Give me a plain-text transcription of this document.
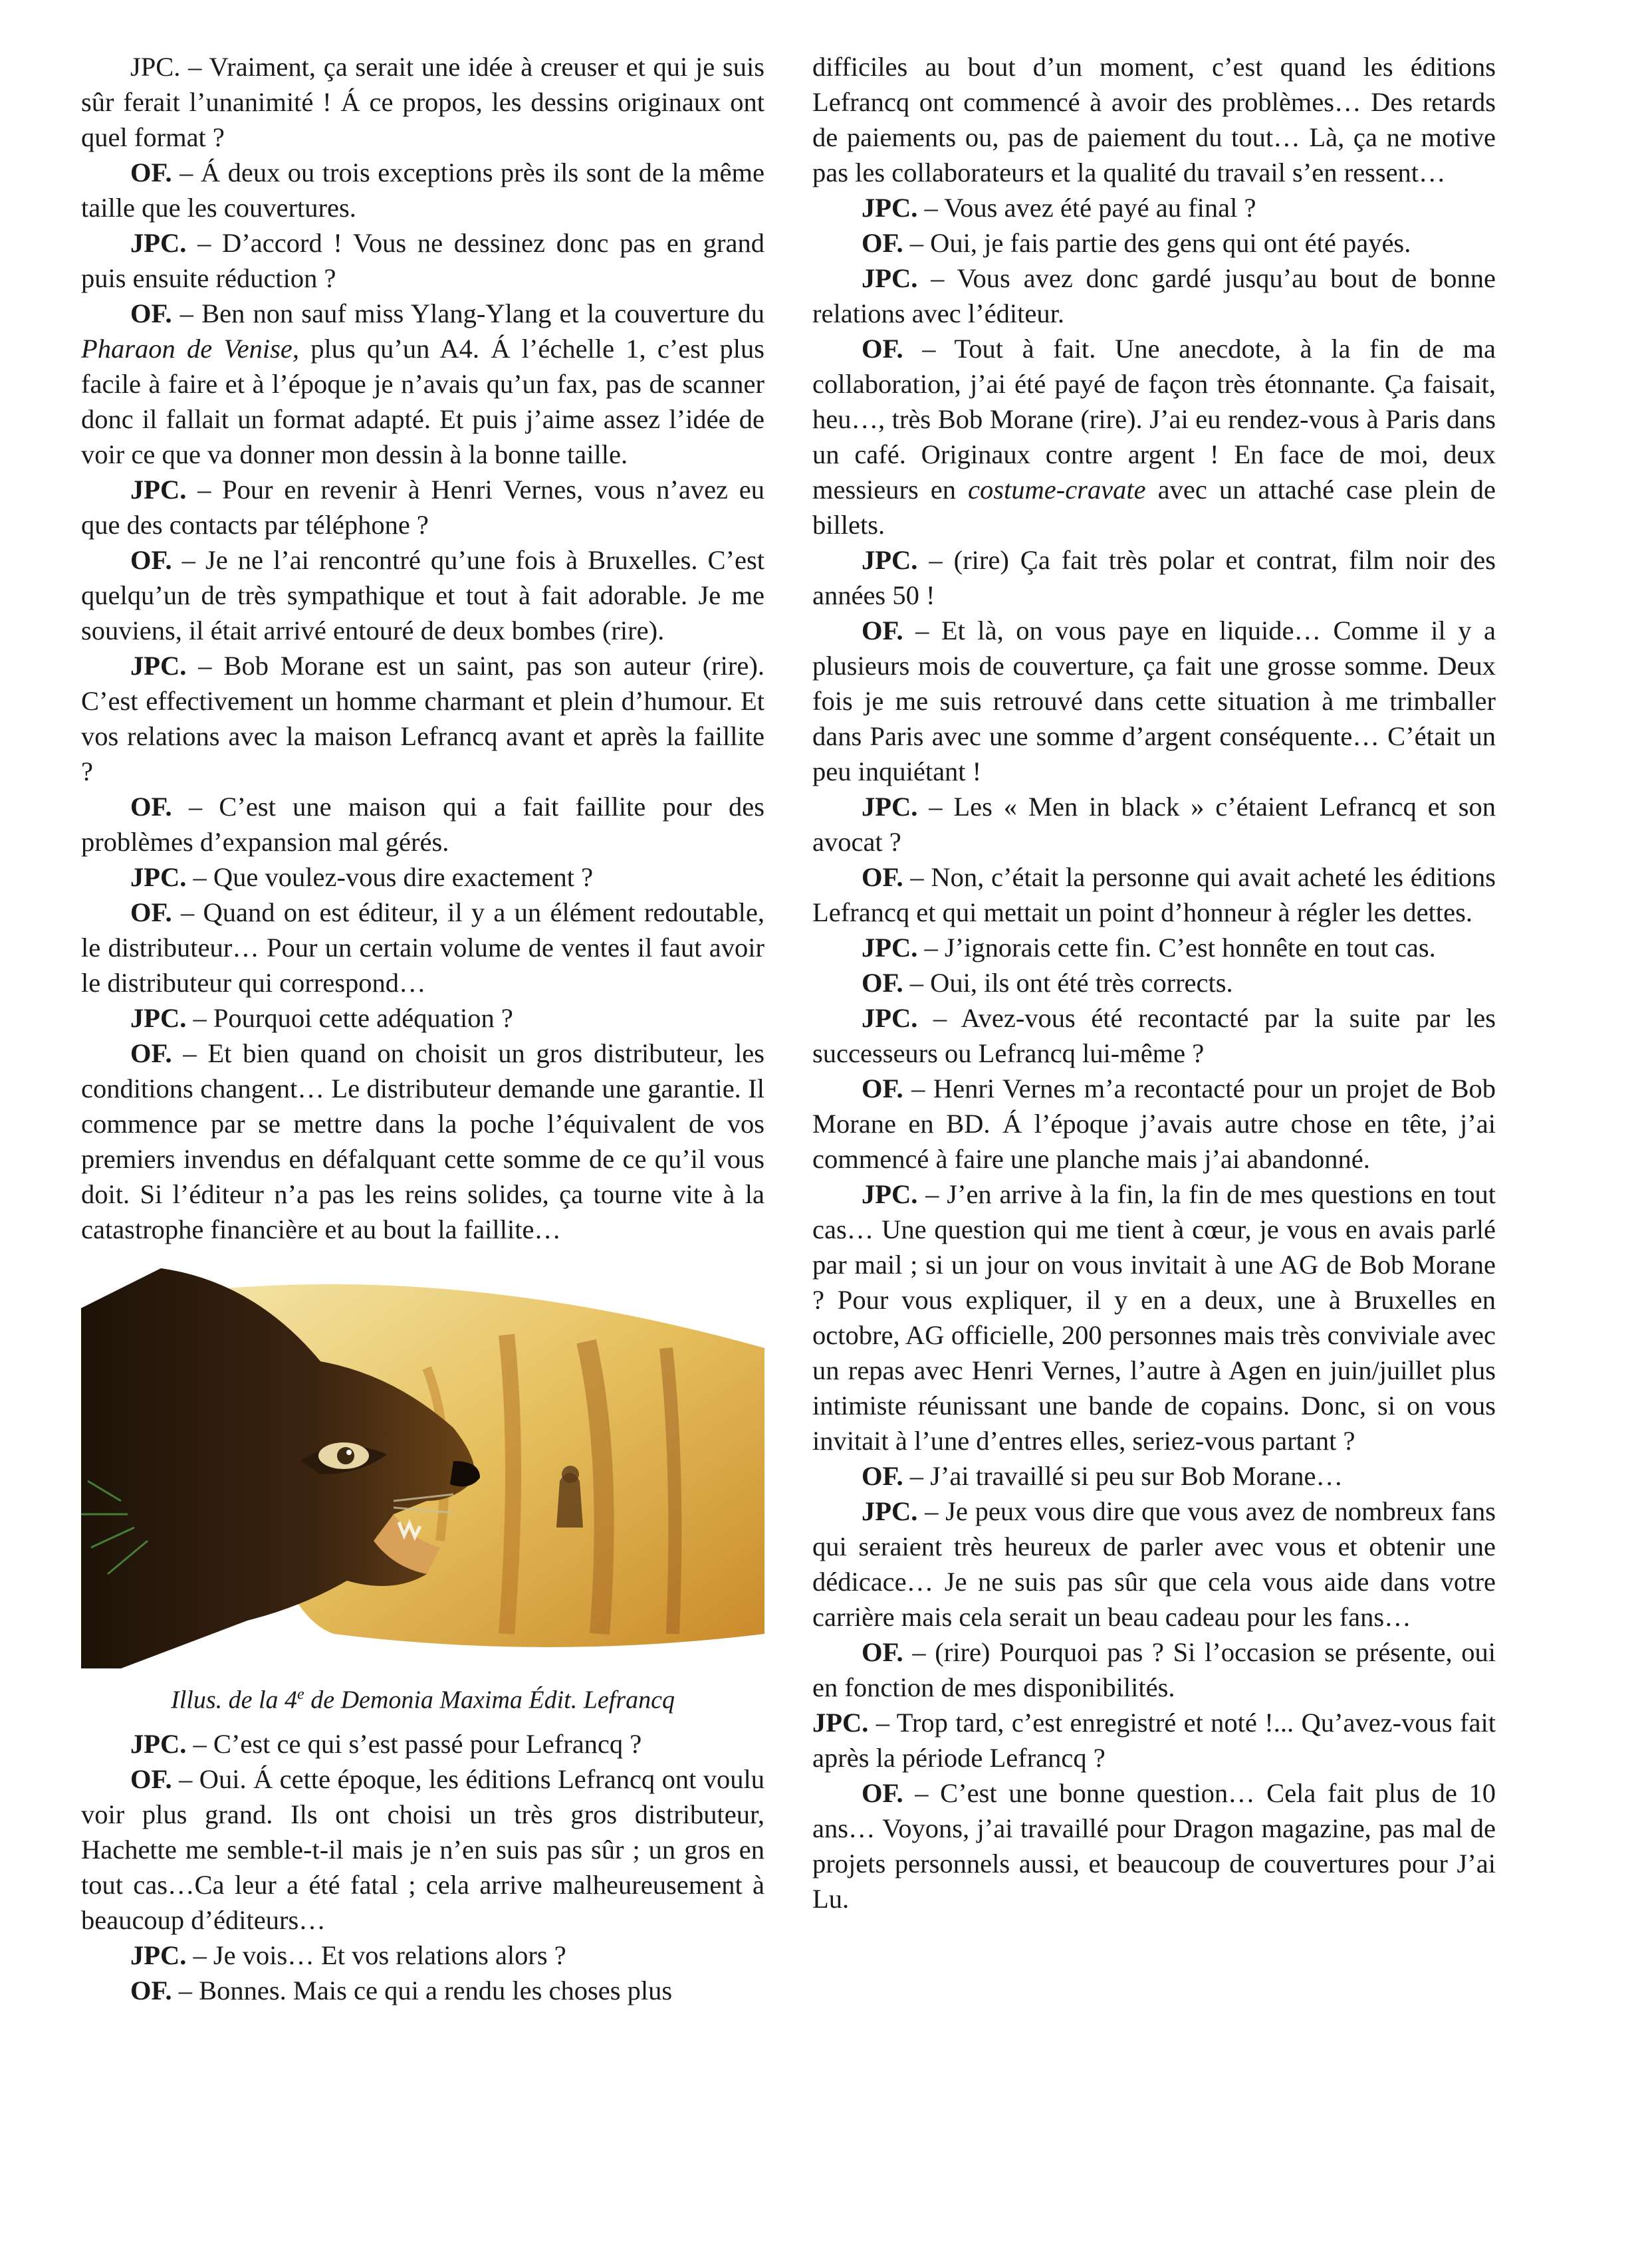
JPC. – Vraiment, ça serait une idée à creuser et qui je suis sûr ferait l’unanimité ! Á ce propos, les dessins originaux ont quel format ?

OF. – Á deux ou trois exceptions près ils sont de la même taille que les couvertures.

JPC. – D’accord ! Vous ne dessinez donc pas en grand puis ensuite réduction ?

OF. – Ben non sauf miss Ylang-Ylang et la couverture du Pharaon de Venise, plus qu’un A4. Á l’échelle 1, c’est plus facile à faire et à l’époque je n’avais qu’un fax, pas de scanner donc il fallait un format adapté. Et puis j’aime assez l’idée de voir ce que va donner mon dessin à la bonne taille.

JPC. – Pour en revenir à Henri Vernes, vous n’avez eu que des contacts par téléphone ?

OF. – Je ne l’ai rencontré qu’une fois à Bruxelles. C’est quelqu’un de très sympathique et tout à fait adorable. Je me souviens, il était arrivé entouré de deux bombes (rire).

JPC. – Bob Morane est un saint, pas son auteur (rire). C’est effectivement un homme charmant et plein d’humour. Et vos relations avec la maison Lefrancq avant et après la faillite ?

OF. – C’est une maison qui a fait faillite pour des problèmes d’expansion mal gérés.

JPC. – Que voulez-vous dire exactement ?

OF. – Quand on est éditeur, il y a un élément redoutable, le distributeur… Pour un certain volume de ventes il faut avoir le distributeur qui correspond…

JPC. – Pourquoi cette adéquation ?

OF. – Et bien quand on choisit un gros distributeur, les conditions changent… Le distributeur demande une garantie. Il commence par se mettre dans la poche l’équivalent de vos premiers invendus en défalquant cette somme de ce qu’il vous doit. Si l’éditeur n’a pas les reins solides, ça tourne vite à la catastrophe financière et au bout la faillite…

Illus. de la 4e de Demonia Maxima Édit. Lefrancq

JPC. – C’est ce qui s’est passé pour Lefrancq ?

OF. – Oui. Á cette époque, les éditions Lefrancq ont voulu voir plus grand. Ils ont choisi un très gros distributeur, Hachette me semble-t-il mais je n’en suis pas sûr ; un gros en tout cas…Ca leur a été fatal ; cela arrive malheureusement à beaucoup d’éditeurs…

JPC. – Je vois… Et vos relations alors ?

OF. – Bonnes. Mais ce qui a rendu les choses plus

difficiles au bout d’un moment, c’est quand les éditions Lefrancq ont commencé à avoir des problèmes… Des retards de paiements ou, pas de paiement du tout… Là, ça ne motive pas les collaborateurs et la qualité du travail s’en ressent…

JPC. – Vous avez été payé au final ?

OF. – Oui, je fais partie des gens qui ont été payés.

JPC. – Vous avez donc gardé jusqu’au bout de bonne relations avec l’éditeur.

OF. – Tout à fait. Une anecdote, à la fin de ma collaboration, j’ai été payé de façon très étonnante. Ça faisait, heu…, très Bob Morane (rire). J’ai eu rendez-vous à Paris dans un café. Originaux contre argent ! En face de moi, deux messieurs en costume-cravate avec un attaché case plein de billets.

JPC. – (rire) Ça fait très polar et contrat, film noir des années 50 !

OF. – Et là, on vous paye en liquide… Comme il y a plusieurs mois de couverture, ça fait une grosse somme. Deux fois je me suis retrouvé dans cette situation à me trimballer dans Paris avec une somme d’argent conséquente… C’était un peu inquiétant !

JPC. – Les « Men in black » c’étaient Lefrancq et son avocat ?

OF. – Non, c’était la personne qui avait acheté les éditions Lefrancq et qui mettait un point d’honneur à régler les dettes.

JPC. – J’ignorais cette fin. C’est honnête en tout cas.

OF. – Oui, ils ont été très corrects.

JPC. – Avez-vous été recontacté par la suite par les successeurs ou Lefrancq lui-même ?

OF. – Henri Vernes m’a recontacté pour un projet de Bob Morane en BD. Á l’époque j’avais autre chose en tête, j’ai commencé à faire une planche mais j’ai abandonné.

JPC. – J’en arrive à la fin, la fin de mes questions en tout cas… Une question qui me tient à cœur, je vous en avais parlé par mail ; si un jour on vous invitait à une AG de Bob Morane ? Pour vous expliquer, il y en a deux, une à Bruxelles en octobre, AG officielle, 200 personnes mais très conviviale avec un repas avec Henri Vernes, l’autre à Agen en juin/juillet plus intimiste réunissant une bande de copains. Donc, si on vous invitait à l’une d’entres elles, seriez-vous partant ?

OF. – J’ai travaillé si peu sur Bob Morane…

JPC. – Je peux vous dire que vous avez de nombreux fans qui seraient très heureux de parler avec vous et obtenir une dédicace… Je ne suis pas sûr que cela vous aide dans votre carrière mais cela serait un beau cadeau pour les fans…

OF. – (rire) Pourquoi pas ? Si l’occasion se présente, oui en fonction de mes disponibilités.

JPC. – Trop tard, c’est enregistré et noté !... Qu’avez-vous fait après la période Lefrancq ?

OF. – C’est une bonne question… Cela fait plus de 10 ans… Voyons, j’ai travaillé pour Dragon magazine, pas mal de projets personnels aussi, et beaucoup de couvertures pour J’ai Lu.
